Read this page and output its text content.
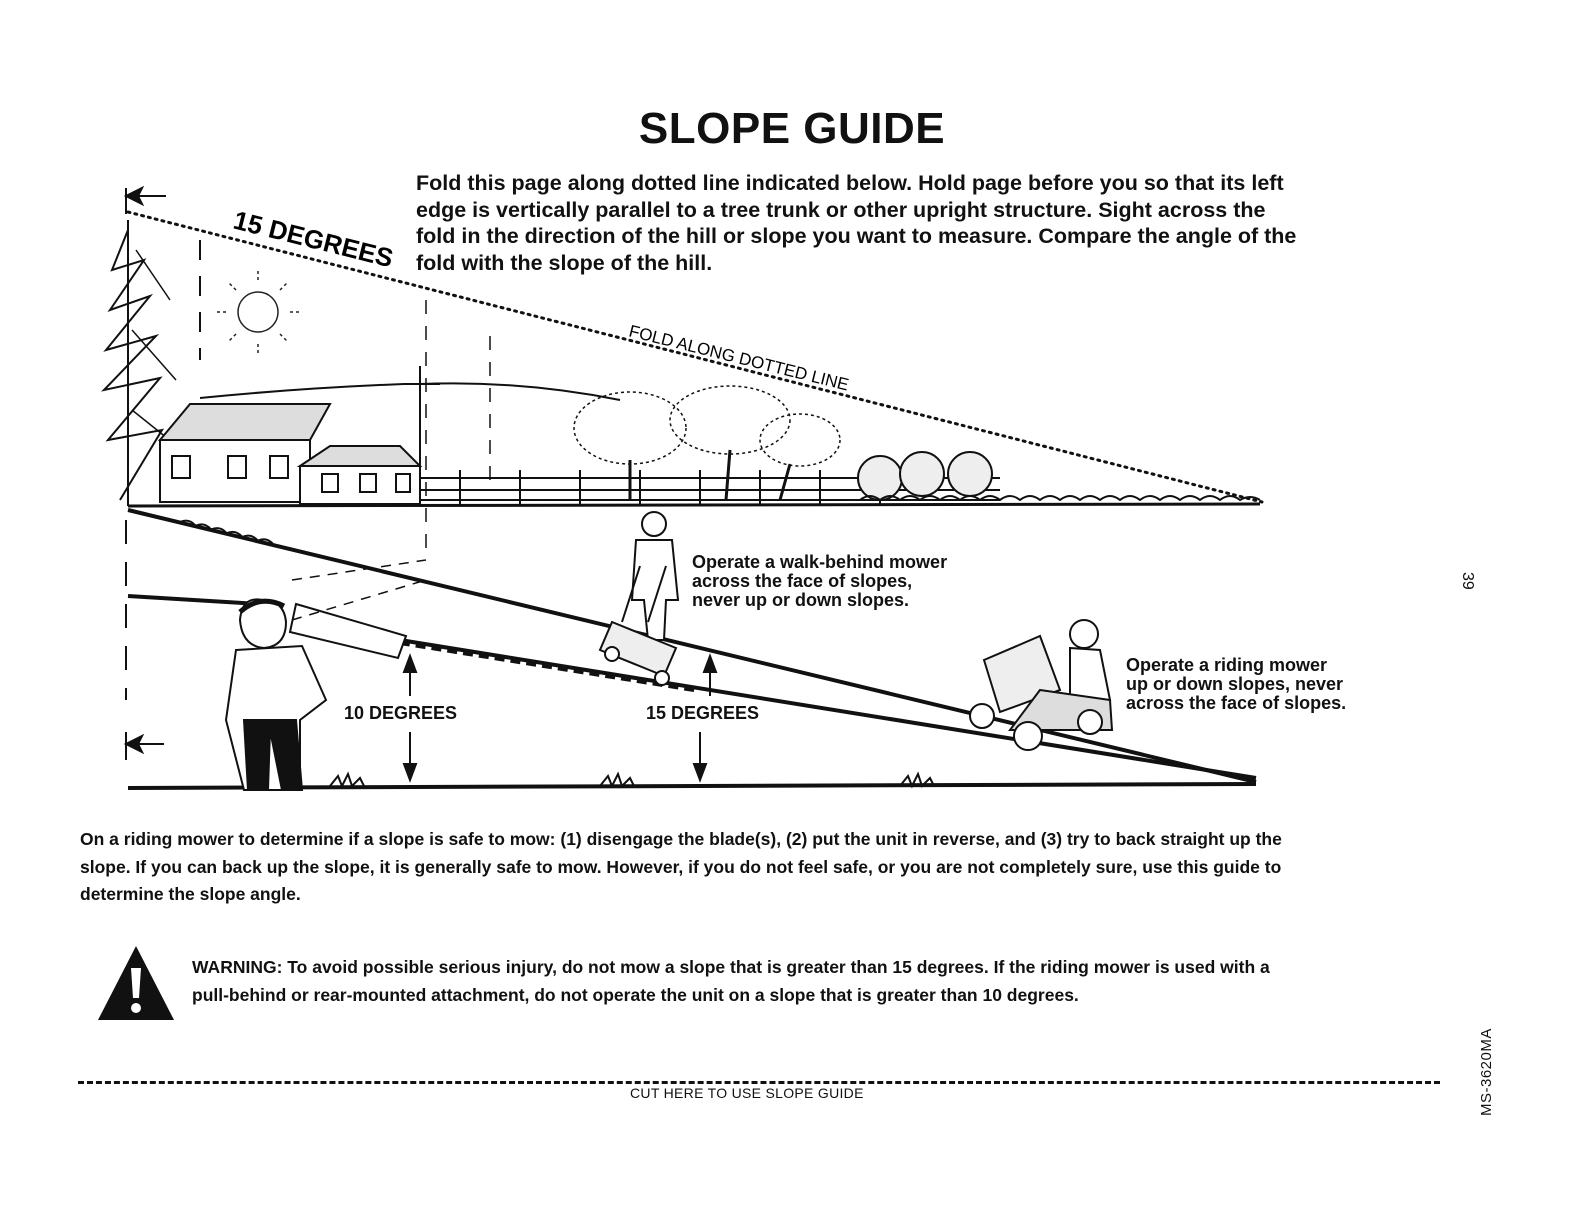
SLOPE GUIDE
Fold this page along dotted line indicated below. Hold page before you so that its left
edge is vertically parallel to a tree trunk or other upright structure. Sight across the
fold in the direction of the hill or slope you want to measure. Compare the angle of the
fold with the slope of the hill.
15 DEGREES
FOLD ALONG DOTTED LINE
10 DEGREES	15 DEGREES
Operate a walk-behind mower
across the face of slopes,
never up or down slopes.
Operate a riding mower
up or down slopes, never
across the face of slopes.
On a riding mower to determine if a slope is safe to mow: (1) disengage the blade(s), (2) put the unit in reverse, and (3) try to back straight up the
slope. If you can back up the slope, it is generally safe to mow. However, if you do not feel safe, or you are not completely sure, use this guide to
determine the slope angle.
WARNING: To avoid possible serious injury, do not mow a slope that is greater than 15 degrees. If the riding mower is used with a
pull-behind or rear-mounted attachment, do not operate the unit on a slope that is greater than 10 degrees.
CUT HERE TO USE SLOPE GUIDE
39
MS-3620MA
